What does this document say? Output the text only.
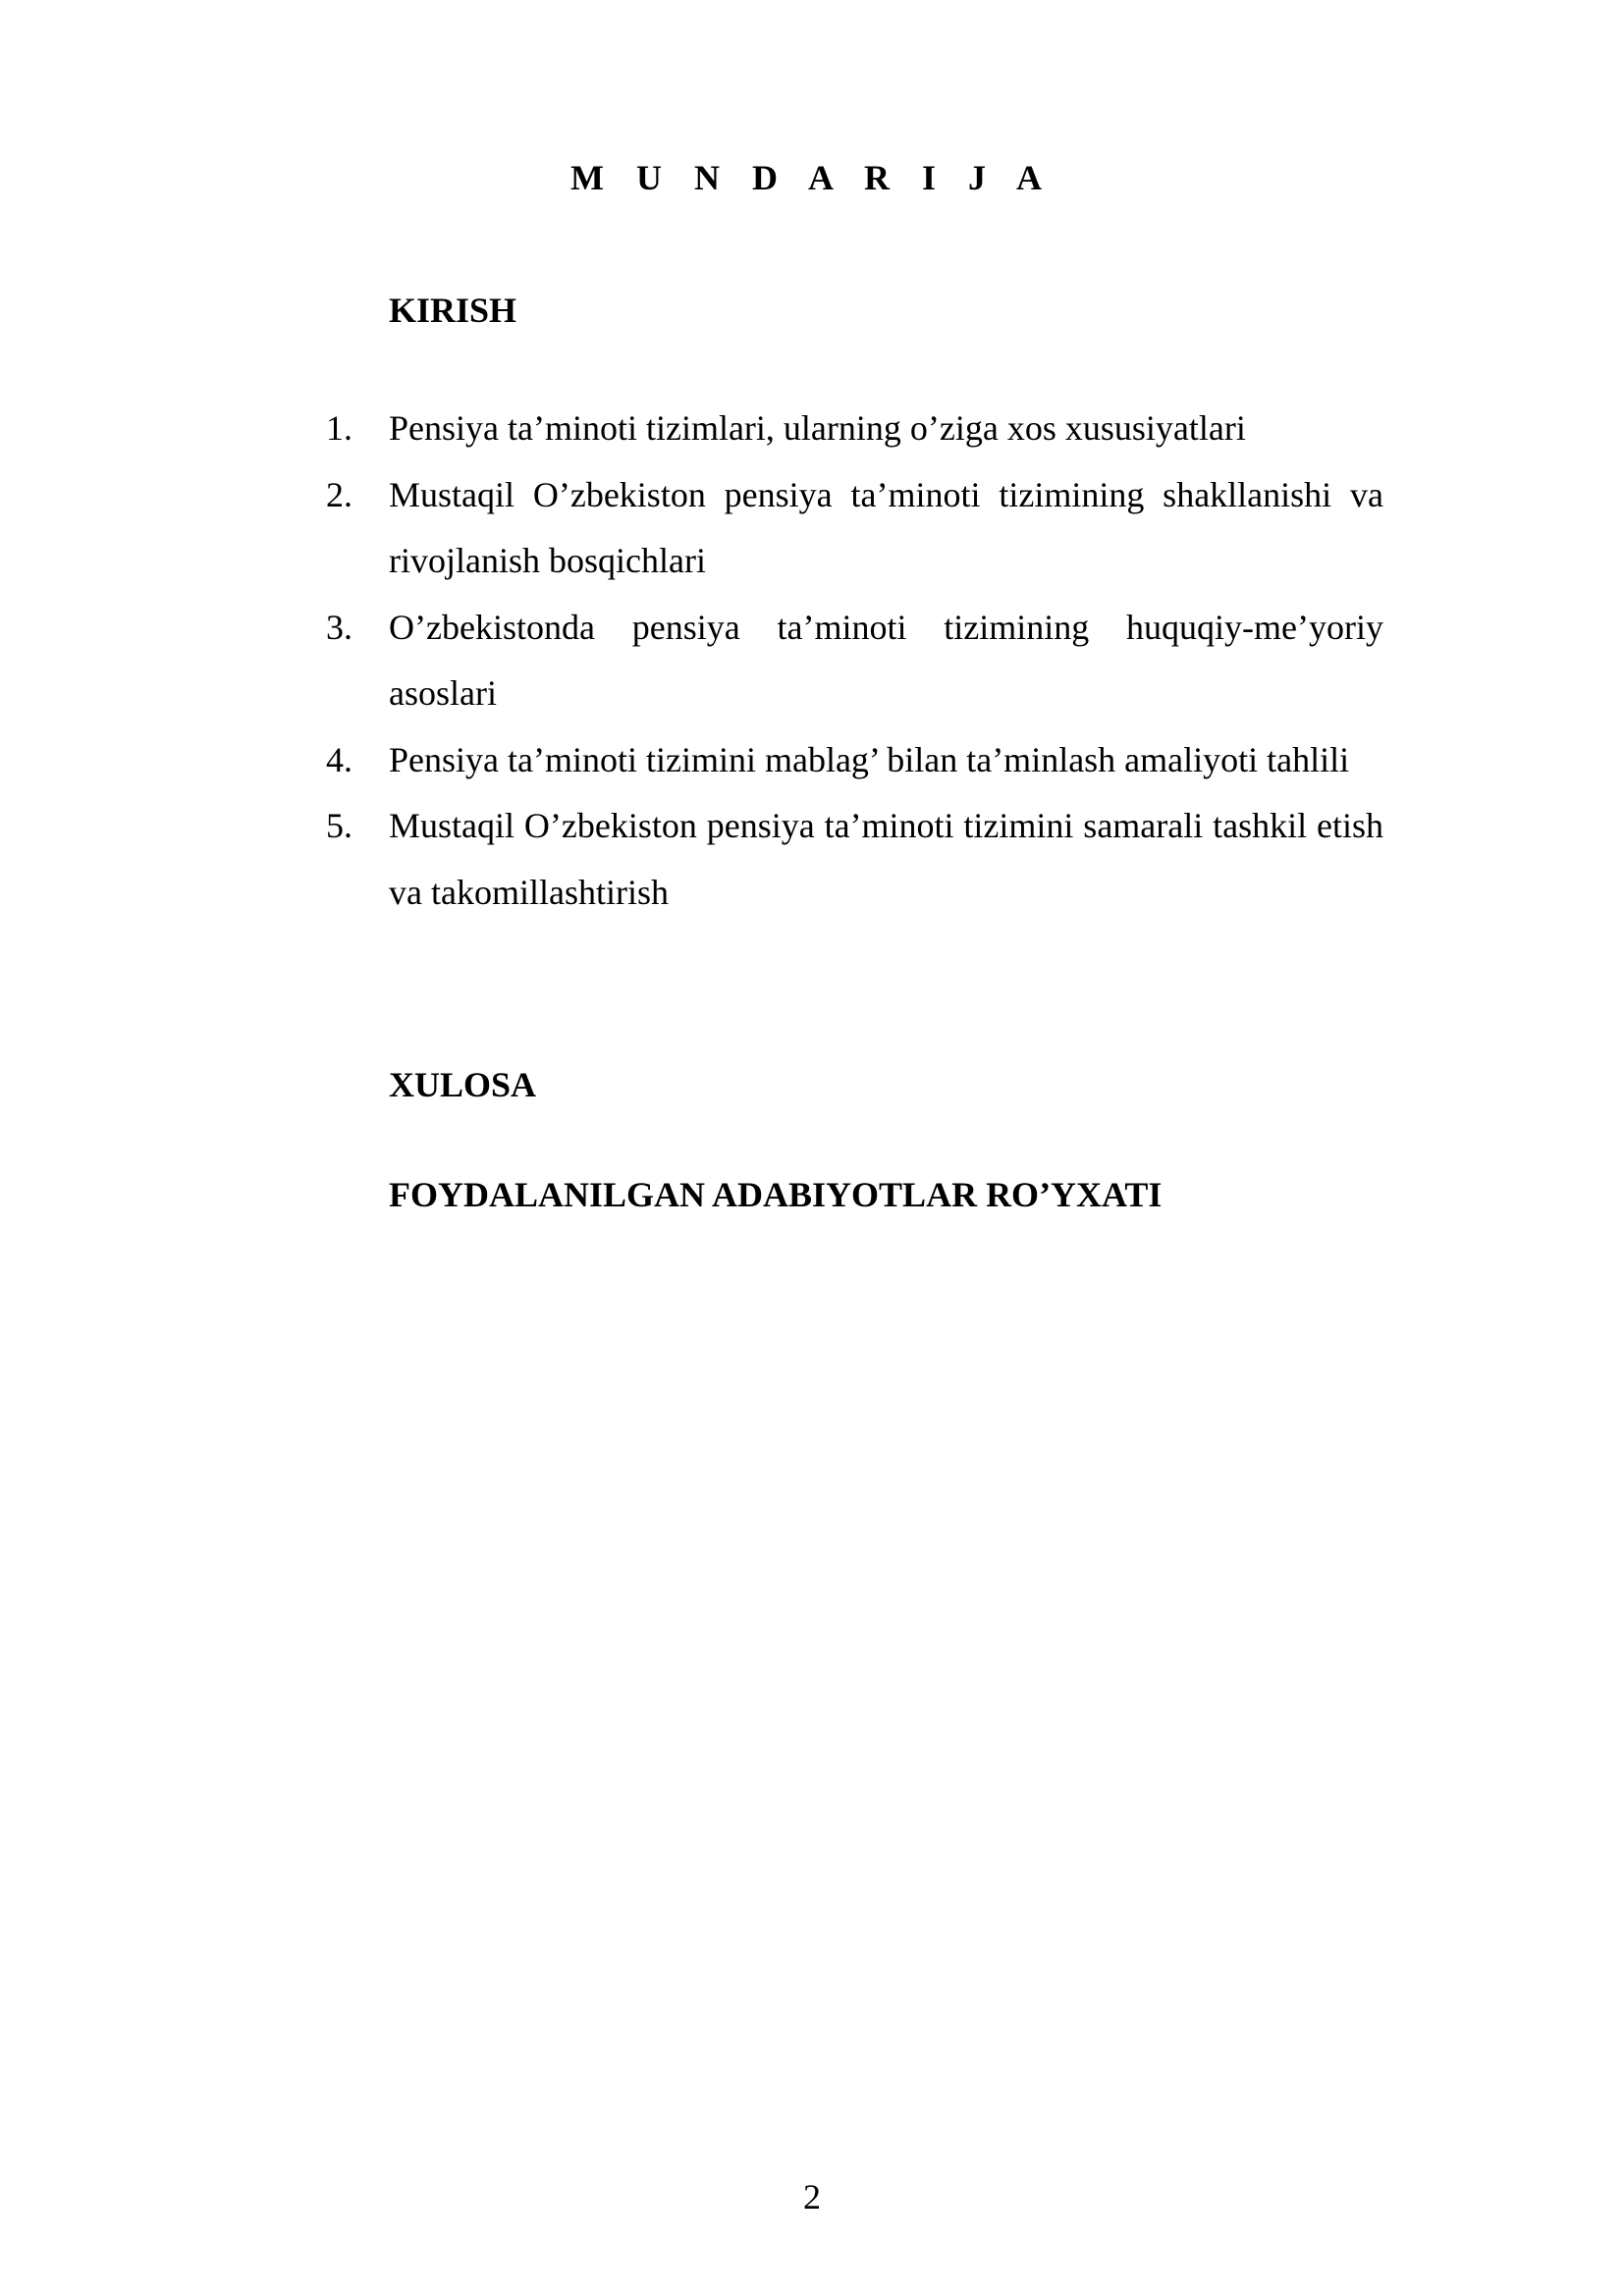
M U N D A R I J A
KIRISH
1.	Pensiya ta’minoti tizimlari, ularning o’ziga xos xususiyatlari
2.	Mustaqil O’zbekiston pensiya ta’minoti tizimining shakllanishi va rivojlanish bosqichlari
3.	O’zbekistonda pensiya ta’minoti tizimining huquqiy-me’yoriy asoslari
4.	Pensiya ta’minoti tizimini mablag’ bilan ta’minlash amaliyoti tahlili
5.	Mustaqil O’zbekiston pensiya ta’minoti tizimini samarali tashkil etish va takomillashtirish
XULOSA
FOYDALANILGAN ADABIYOTLAR RO’YXATI
2
